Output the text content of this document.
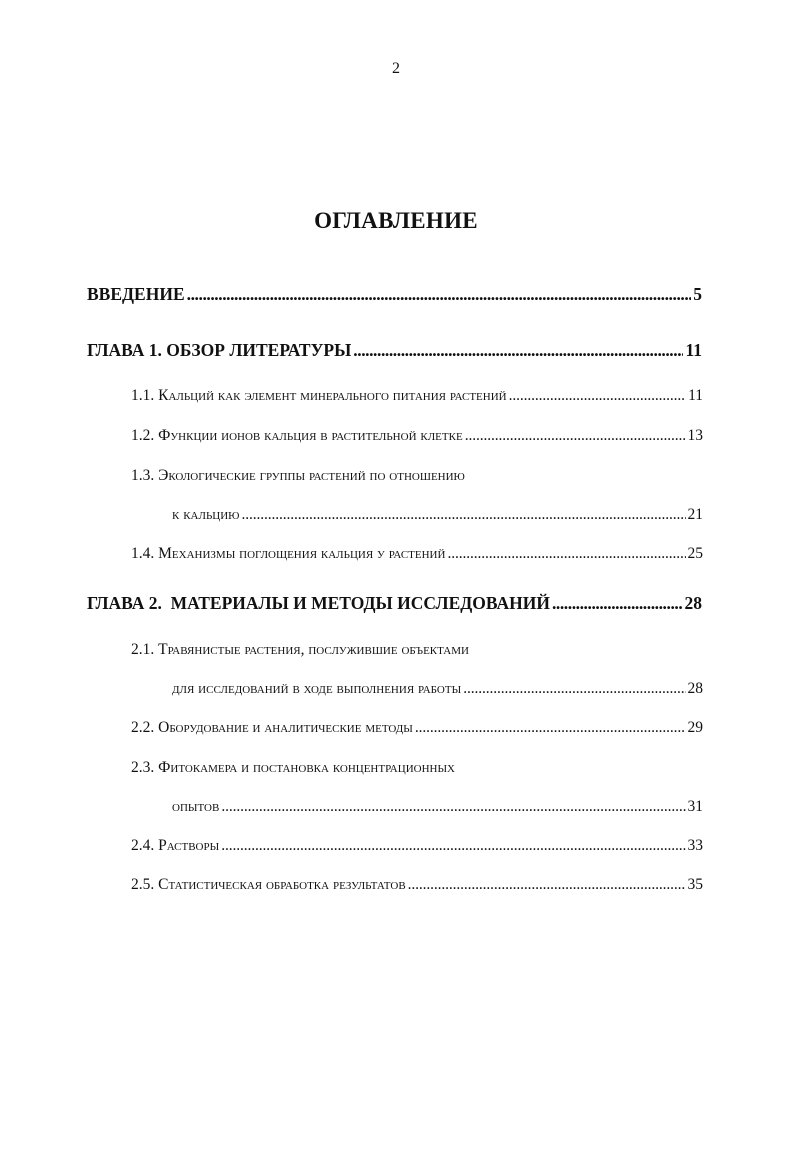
2
ОГЛАВЛЕНИЕ
ВВЕДЕНИЕ . . .	5
ГЛАВА 1. ОБЗОР ЛИТЕРАТУРЫ . . .	11
1.1. Кальций как элемент минерального питания растений . . .	11
1.2. Функции ионов кальция в растительной клетке . . .	13
1.3. Экологические группы растений по отношению
к кальцию . . .	21
1.4. Механизмы поглощения кальция у растений . . .	25
ГЛАВА 2.  МАТЕРИАЛЫ И МЕТОДЫ ИССЛЕДОВАНИЙ . . .	28
2.1. Травянистые растения, послужившие объектами
для исследований в ходе выполнения работы . . .	28
2.2. Оборудование и аналитические методы . . .	29
2.3. Фитокамера и постановка концентрационных
опытов . . .	31
2.4. Растворы . . .	33
2.5. Статистическая обработка результатов . . .	35
